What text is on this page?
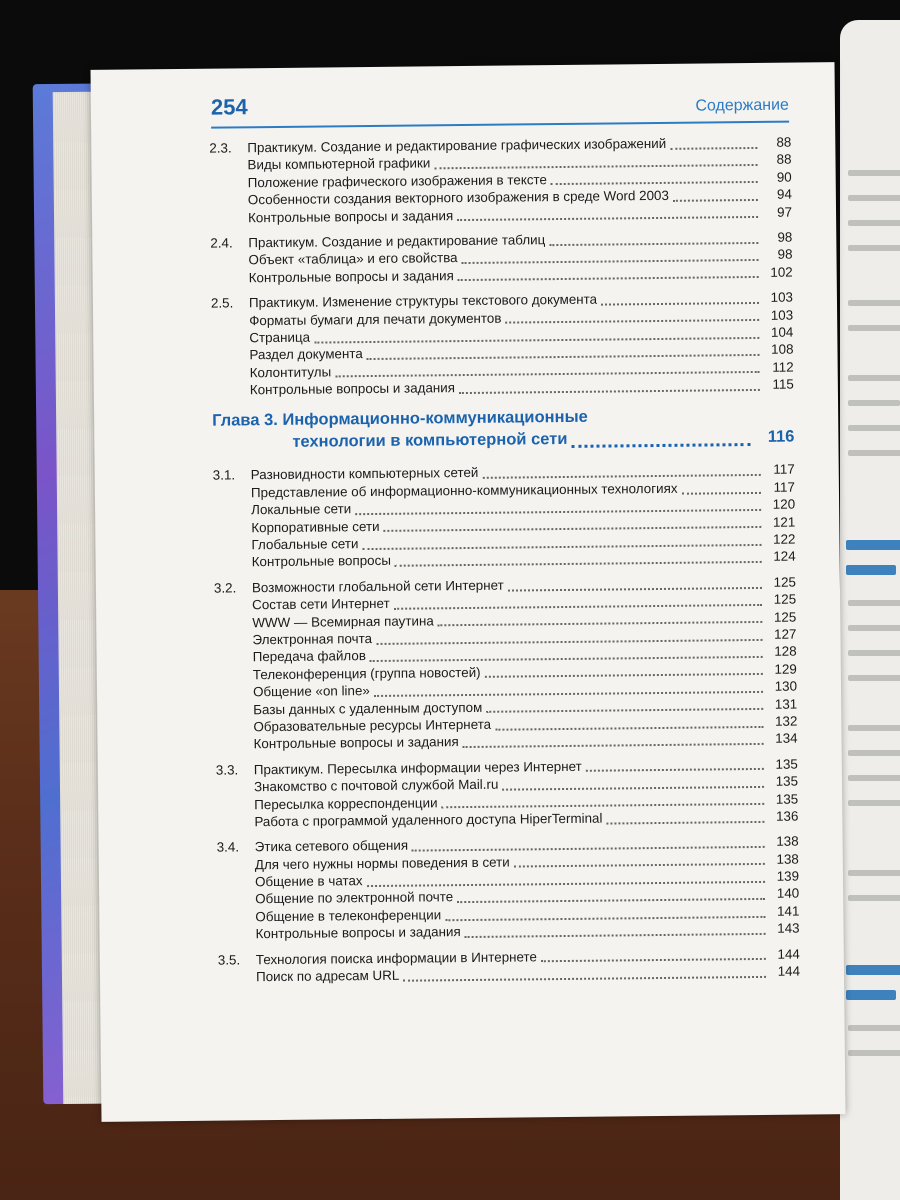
254	Содержание
2.3.	Практикум. Создание и редактирование графических изображений	88
Виды компьютерной графики	88
Положение графического изображения в тексте	90
Особенности создания векторного изображения в среде Word 2003	94
Контрольные вопросы и задания	97
2.4.	Практикум. Создание и редактирование таблиц	98
Объект «таблица» и его свойства	98
Контрольные вопросы и задания	102
2.5.	Практикум. Изменение структуры текстового документа	103
Форматы бумаги для печати документов	103
Страница	104
Раздел документа	108
Колонтитулы	112
Контрольные вопросы и задания	115
Глава 3. Информационно-коммуникационные
технологии в компьютерной сети	116
3.1.	Разновидности компьютерных сетей	117
Представление об информационно-коммуникационных технологиях	117
Локальные сети	120
Корпоративные сети	121
Глобальные сети	122
Контрольные вопросы	124
3.2.	Возможности глобальной сети Интернет	125
Состав сети Интернет	125
WWW — Всемирная паутина	125
Электронная почта	127
Передача файлов	128
Телеконференция (группа новостей)	129
Общение «on line»	130
Базы данных с удаленным доступом	131
Образовательные ресурсы Интернета	132
Контрольные вопросы и задания	134
3.3.	Практикум. Пересылка информации через Интернет	135
Знакомство с почтовой службой Mail.ru	135
Пересылка корреспонденции	135
Работа с программой удаленного доступа HiperTerminal	136
3.4.	Этика сетевого общения	138
Для чего нужны нормы поведения в сети	138
Общение в чатах	139
Общение по электронной почте	140
Общение в телеконференции	141
Контрольные вопросы и задания	143
3.5.	Технология поиска информации в Интернете	144
Поиск по адресам URL	144
